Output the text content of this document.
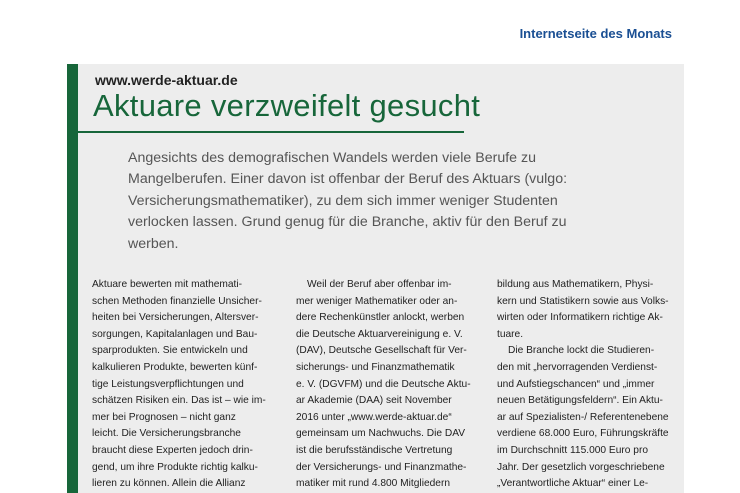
Internetseite des Monats
www.werde-aktuar.de
Aktuare verzweifelt gesucht
Angesichts des demografischen Wandels werden viele Berufe zu
Mangelberufen. Einer davon ist offenbar der Beruf des Aktuars (vulgo:
Versicherungsmathematiker), zu dem sich immer weniger Studenten
verlocken lassen. Grund genug für die Branche, aktiv für den Beruf zu
werben.
Aktuare bewerten mit mathemati-
schen Methoden finanzielle Unsicher-
heiten bei Versicherungen, Altersver-
sorgungen, Kapitalanlagen und Bau-
sparprodukten. Sie entwickeln und
kalkulieren Produkte, bewerten künf-
tige Leistungsverpflichtungen und
schätzen Risiken ein. Das ist – wie im-
mer bei Prognosen – nicht ganz
leicht. Die Versicherungsbranche
braucht diese Experten jedoch drin-
gend, um ihre Produkte richtig kalku-
lieren zu können. Allein die Allianz
Weil der Beruf aber offenbar im-
mer weniger Mathematiker oder an-
dere Rechenkünstler anlockt, werben
die Deutsche Aktuarvereinigung e. V.
(DAV), Deutsche Gesellschaft für Ver-
sicherungs- und Finanzmathematik
e. V. (DGVFM) und die Deutsche Aktu-
ar Akademie (DAA) seit November
2016 unter „www.werde-aktuar.de“
gemeinsam um Nachwuchs. Die DAV
ist die berufsständische Vertretung
der Versicherungs- und Finanzmathe-
matiker mit rund 4.800 Mitgliedern
bildung aus Mathematikern, Physi-
kern und Statistikern sowie aus Volks-
wirten oder Informatikern richtige Ak-
tuare.
Die Branche lockt die Studieren-
den mit „hervorragenden Verdienst-
und Aufstiegschancen“ und „immer
neuen Betätigungsfeldern“. Ein Aktu-
ar auf Spezialisten-/ Referentenebene
verdiene 68.000 Euro, Führungskräfte
im Durchschnitt 115.000 Euro pro
Jahr. Der gesetzlich vorgeschriebene
„Verantwortliche Aktuar“ einer Le-
